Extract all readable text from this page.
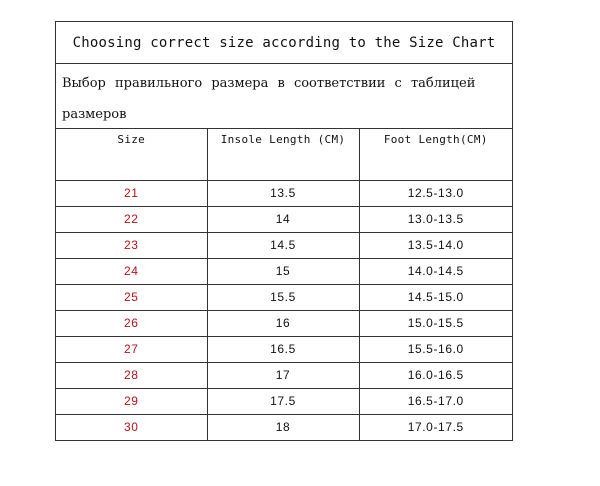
Choosing correct size according to the Size Chart
Выбор правильного размера в соответствии с таблицей размеров
Size	Insole Length (CM)	Foot Length(CM)
21	13.5	12.5-13.0
22	14	13.0-13.5
23	14.5	13.5-14.0
24	15	14.0-14.5
25	15.5	14.5-15.0
26	16	15.0-15.5
27	16.5	15.5-16.0
28	17	16.0-16.5
29	17.5	16.5-17.0
30	18	17.0-17.5
